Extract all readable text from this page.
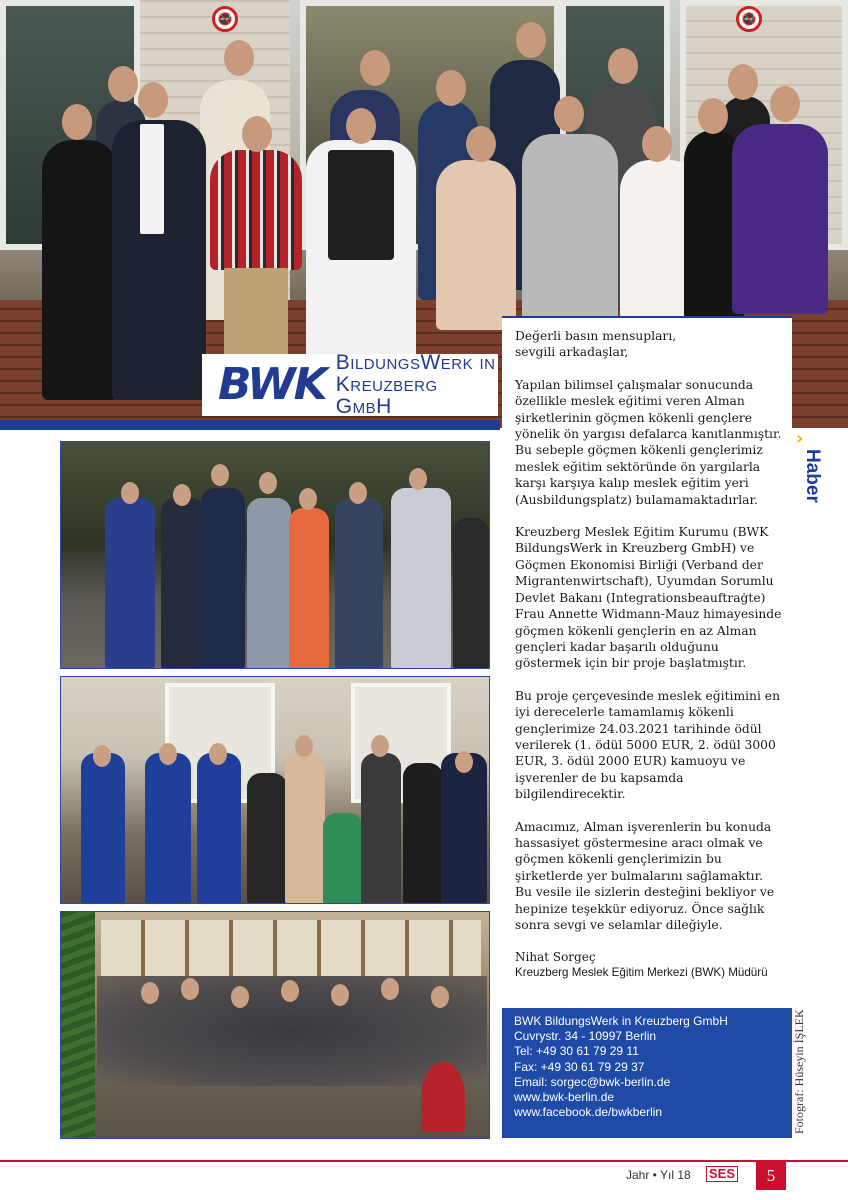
🚭	🚭
BWK BildungsWerk in
Kreuzberg GmbH
›
Haber

Değerli basın mensupları,
sevgili arkadaşlar,

Yapılan bilimsel çalışmalar sonucunda özellikle meslek eğitimi veren Alman şirketlerinin göçmen kökenli gençlere yönelik ön yargısı defalarca kanıtlanmıştır. Bu sebeple göçmen kökenli gençlerimiz meslek eğitim sektöründe ön yargılarla karşı karşıya kalıp meslek eğitim yeri (Ausbildungsplatz) bulamamaktadırlar.

Kreuzberg Meslek Eğitim Kurumu (BWK BildungsWerk in Kreuzberg GmbH) ve Göçmen Ekonomisi Birliği (Verband der Migrantenwirtschaft), Uyumdan Sorumlu Devlet Bakanı (Integrationsbeauftraġte) Frau Annette Widmann-Mauz himayesinde göçmen kökenli gençlerin en az Alman gençleri kadar başarılı olduğunu göstermek için bir proje başlatmıştır.

Bu proje çerçevesinde meslek eğitimini en iyi derecelerle tamamlamış kökenli gençlerimize 24.03.2021 tarihinde ödül verilerek (1. ödül 5000 EUR, 2. ödül 3000 EUR, 3. ödül 2000 EUR) kamuoyu ve işverenler de bu kapsamda bilgilendirecektir.

Amacımız, Alman işverenlerin bu konuda hassasiyet göstermesine aracı olmak ve göçmen kökenli gençlerimizin bu şirketlerde yer bulmalarını sağlamaktır. Bu vesile ile sizlerin desteğini bekliyor ve hepinize teşekkür ediyoruz. Önce sağlık sonra sevgi ve selamlar dileğiyle.

Nihat Sorgeç
Kreuzberg Meslek Eğitim Merkezi (BWK) Müdürü
BWK BildungsWerk in Kreuzberg GmbH
Cuvrystr. 34 - 10997 Berlin
Tel: +49 30 61 79 29 11
Fax: +49 30 61 79 29 37
Email: sorgec@bwk-berlin.de
www.bwk-berlin.de
www.facebook.de/bwkberlin	Fotograf: Hüseyin İŞLEK
Jahr • Yıl 18 SES	5
